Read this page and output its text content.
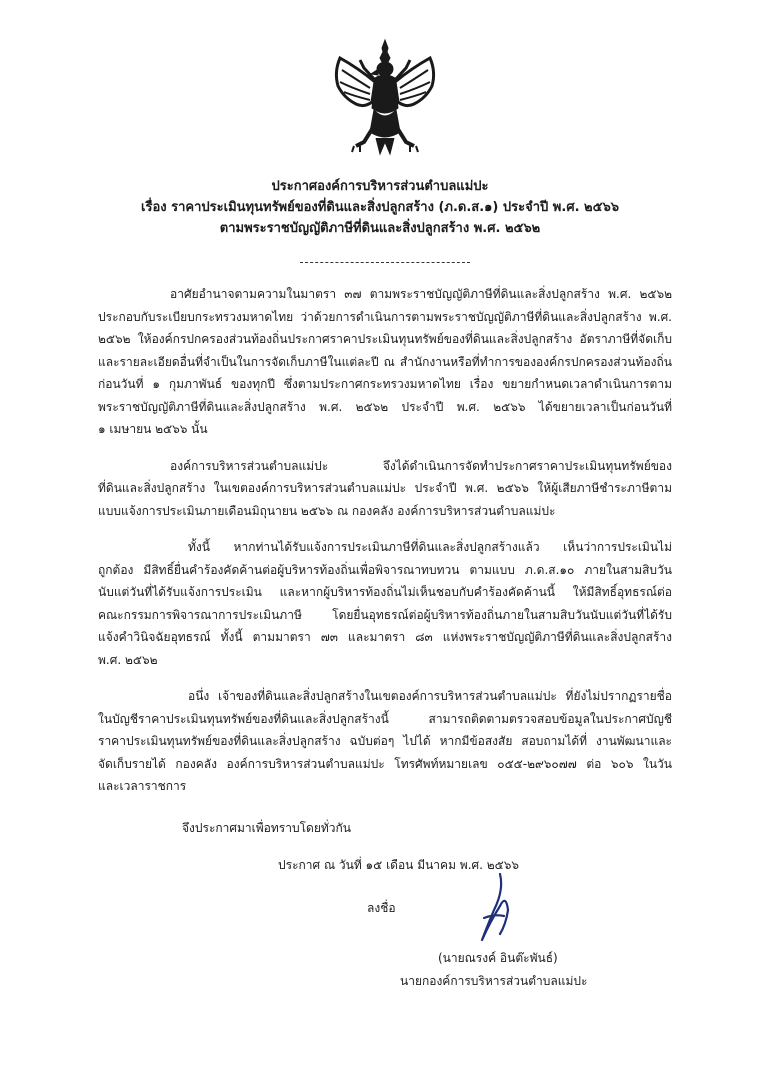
ประกาศองค์การบริหารส่วนตำบลแม่ปะ
เรื่อง ราคาประเมินทุนทรัพย์ของที่ดินและสิ่งปลูกสร้าง (ภ.ด.ส.๑) ประจำปี พ.ศ. ๒๕๖๖
ตามพระราชบัญญัติภาษีที่ดินและสิ่งปลูกสร้าง พ.ศ. ๒๕๖๒
อาศัยอำนาจตามความในมาตรา ๓๗ ตามพระราชบัญญัติภาษีที่ดินและสิ่งปลูกสร้าง พ.ศ. ๒๕๖๒
ประกอบกับระเบียบกระทรวงมหาดไทย ว่าด้วยการดำเนินการตามพระราชบัญญัติภาษีที่ดินและสิ่งปลูกสร้าง พ.ศ.
๒๕๖๒ ให้องค์กรปกครองส่วนท้องถิ่นประกาศราคาประเมินทุนทรัพย์ของที่ดินและสิ่งปลูกสร้าง อัตราภาษีที่จัดเก็บ
และรายละเอียดอื่นที่จำเป็นในการจัดเก็บภาษีในแต่ละปี ณ สำนักงานหรือที่ทำการขององค์กรปกครองส่วนท้องถิ่น
ก่อนวันที่ ๑ กุมภาพันธ์ ของทุกปี ซึ่งตามประกาศกระทรวงมหาดไทย เรื่อง ขยายกำหนดเวลาดำเนินการตาม
พระราชบัญญัติภาษีที่ดินและสิ่งปลูกสร้าง พ.ศ. ๒๕๖๒ ประจำปี พ.ศ. ๒๕๖๖ ได้ขยายเวลาเป็นก่อนวันที่
๑ เมษายน ๒๕๖๖ นั้น
องค์การบริหารส่วนตำบลแม่ปะ จึงได้ดำเนินการจัดทำประกาศราคาประเมินทุนทรัพย์ของ
ที่ดินและสิ่งปลูกสร้าง ในเขตองค์การบริหารส่วนตำบลแม่ปะ ประจำปี พ.ศ. ๒๕๖๖ ให้ผู้เสียภาษีชำระภาษีตาม
แบบแจ้งการประเมินภายเดือนมิถุนายน ๒๕๖๖ ณ กองคลัง องค์การบริหารส่วนตำบลแม่ปะ
ทั้งนี้ หากท่านได้รับแจ้งการประเมินภาษีที่ดินและสิ่งปลูกสร้างแล้ว เห็นว่าการประเมินไม่
ถูกต้อง มีสิทธิ์ยื่นคำร้องคัดค้านต่อผู้บริหารท้องถิ่นเพื่อพิจารณาทบทวน ตามแบบ ภ.ด.ส.๑๐ ภายในสามสิบวัน
นับแต่วันที่ได้รับแจ้งการประเมิน และหากผู้บริหารท้องถิ่นไม่เห็นชอบกับคำร้องคัดค้านนี้ ให้มีสิทธิ์อุทธรณ์ต่อ
คณะกรรมการพิจารณาการประเมินภาษี โดยยื่นอุทธรณ์ต่อผู้บริหารท้องถิ่นภายในสามสิบวันนับแต่วันที่ได้รับ
แจ้งคำวินิจฉัยอุทธรณ์ ทั้งนี้ ตามมาตรา ๗๓ และมาตรา ๘๓ แห่งพระราชบัญญัติภาษีที่ดินและสิ่งปลูกสร้าง
พ.ศ. ๒๕๖๒
อนึ่ง เจ้าของที่ดินและสิ่งปลูกสร้างในเขตองค์การบริหารส่วนตำบลแม่ปะ ที่ยังไม่ปรากฏรายชื่อ
ในบัญชีราคาประเมินทุนทรัพย์ของที่ดินและสิ่งปลูกสร้างนี้ สามารถติดตามตรวจสอบข้อมูลในประกาศบัญชี
ราคาประเมินทุนทรัพย์ของที่ดินและสิ่งปลูกสร้าง ฉบับต่อๆ ไปได้ หากมีข้อสงสัย สอบถามได้ที่ งานพัฒนาและ
จัดเก็บรายได้ กองคลัง องค์การบริหารส่วนตำบลแม่ปะ โทรศัพท์หมายเลข ๐๕๕-๒๙๖๐๗๗ ต่อ ๖๐๖ ในวัน
และเวลาราชการ
จึงประกาศมาเพื่อทราบโดยทั่วกัน
ประกาศ ณ วันที่ ๑๕ เดือน มีนาคม พ.ศ. ๒๕๖๖
ลงชื่อ
(นายณรงค์ อินต๊ะพันธ์)
นายกองค์การบริหารส่วนตำบลแม่ปะ
